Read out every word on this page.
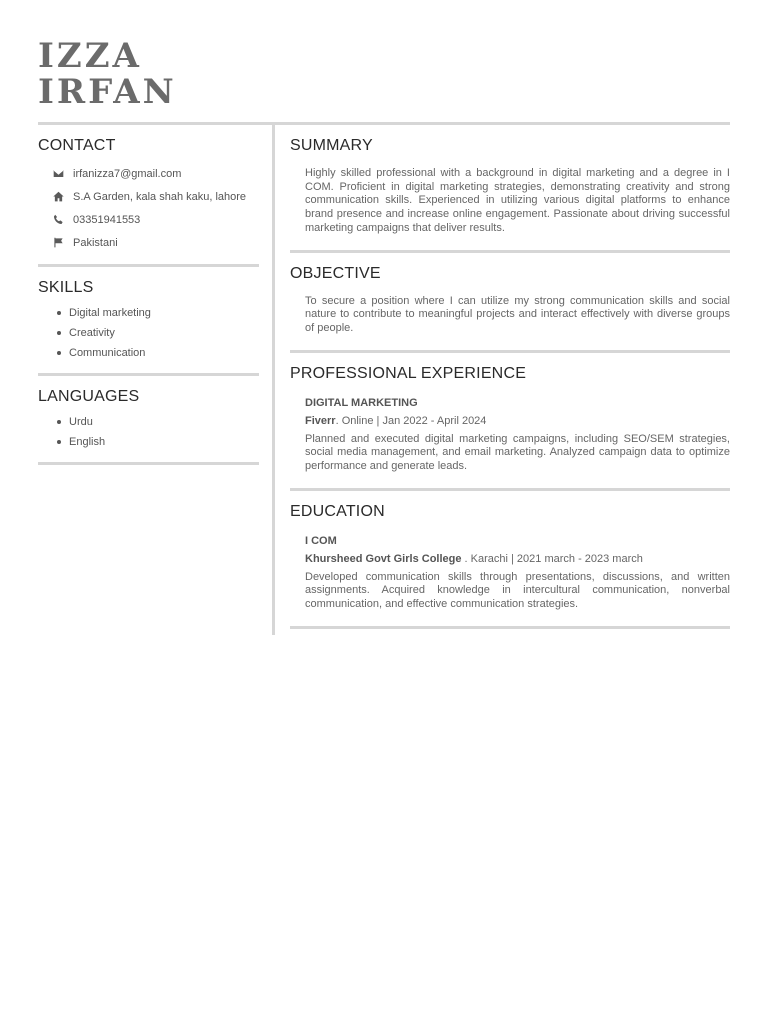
IZZA
IRFAN
CONTACT
irfanizza7@gmail.com
S.A Garden, kala shah kaku, lahore
03351941553
Pakistani
SKILLS
Digital marketing
Creativity
Communication
LANGUAGES
Urdu
English
SUMMARY
Highly skilled professional with a background in digital marketing and a degree in I COM. Proficient in digital marketing strategies, demonstrating creativity and strong communication skills. Experienced in utilizing various digital platforms to enhance brand presence and increase online engagement. Passionate about driving successful marketing campaigns that deliver results.
OBJECTIVE
To secure a position where I can utilize my strong communication skills and social nature to contribute to meaningful projects and interact effectively with diverse groups of people.
PROFESSIONAL EXPERIENCE
DIGITAL MARKETING
Fiverr. Online | Jan 2022 - April 2024
Planned and executed digital marketing campaigns, including SEO/SEM strategies, social media management, and email marketing. Analyzed campaign data to optimize performance and generate leads.
EDUCATION
I COM
Khursheed Govt Girls College . Karachi | 2021 march - 2023 march
Developed communication skills through presentations, discussions, and written assignments. Acquired knowledge in intercultural communication, nonverbal communication, and effective communication strategies.
